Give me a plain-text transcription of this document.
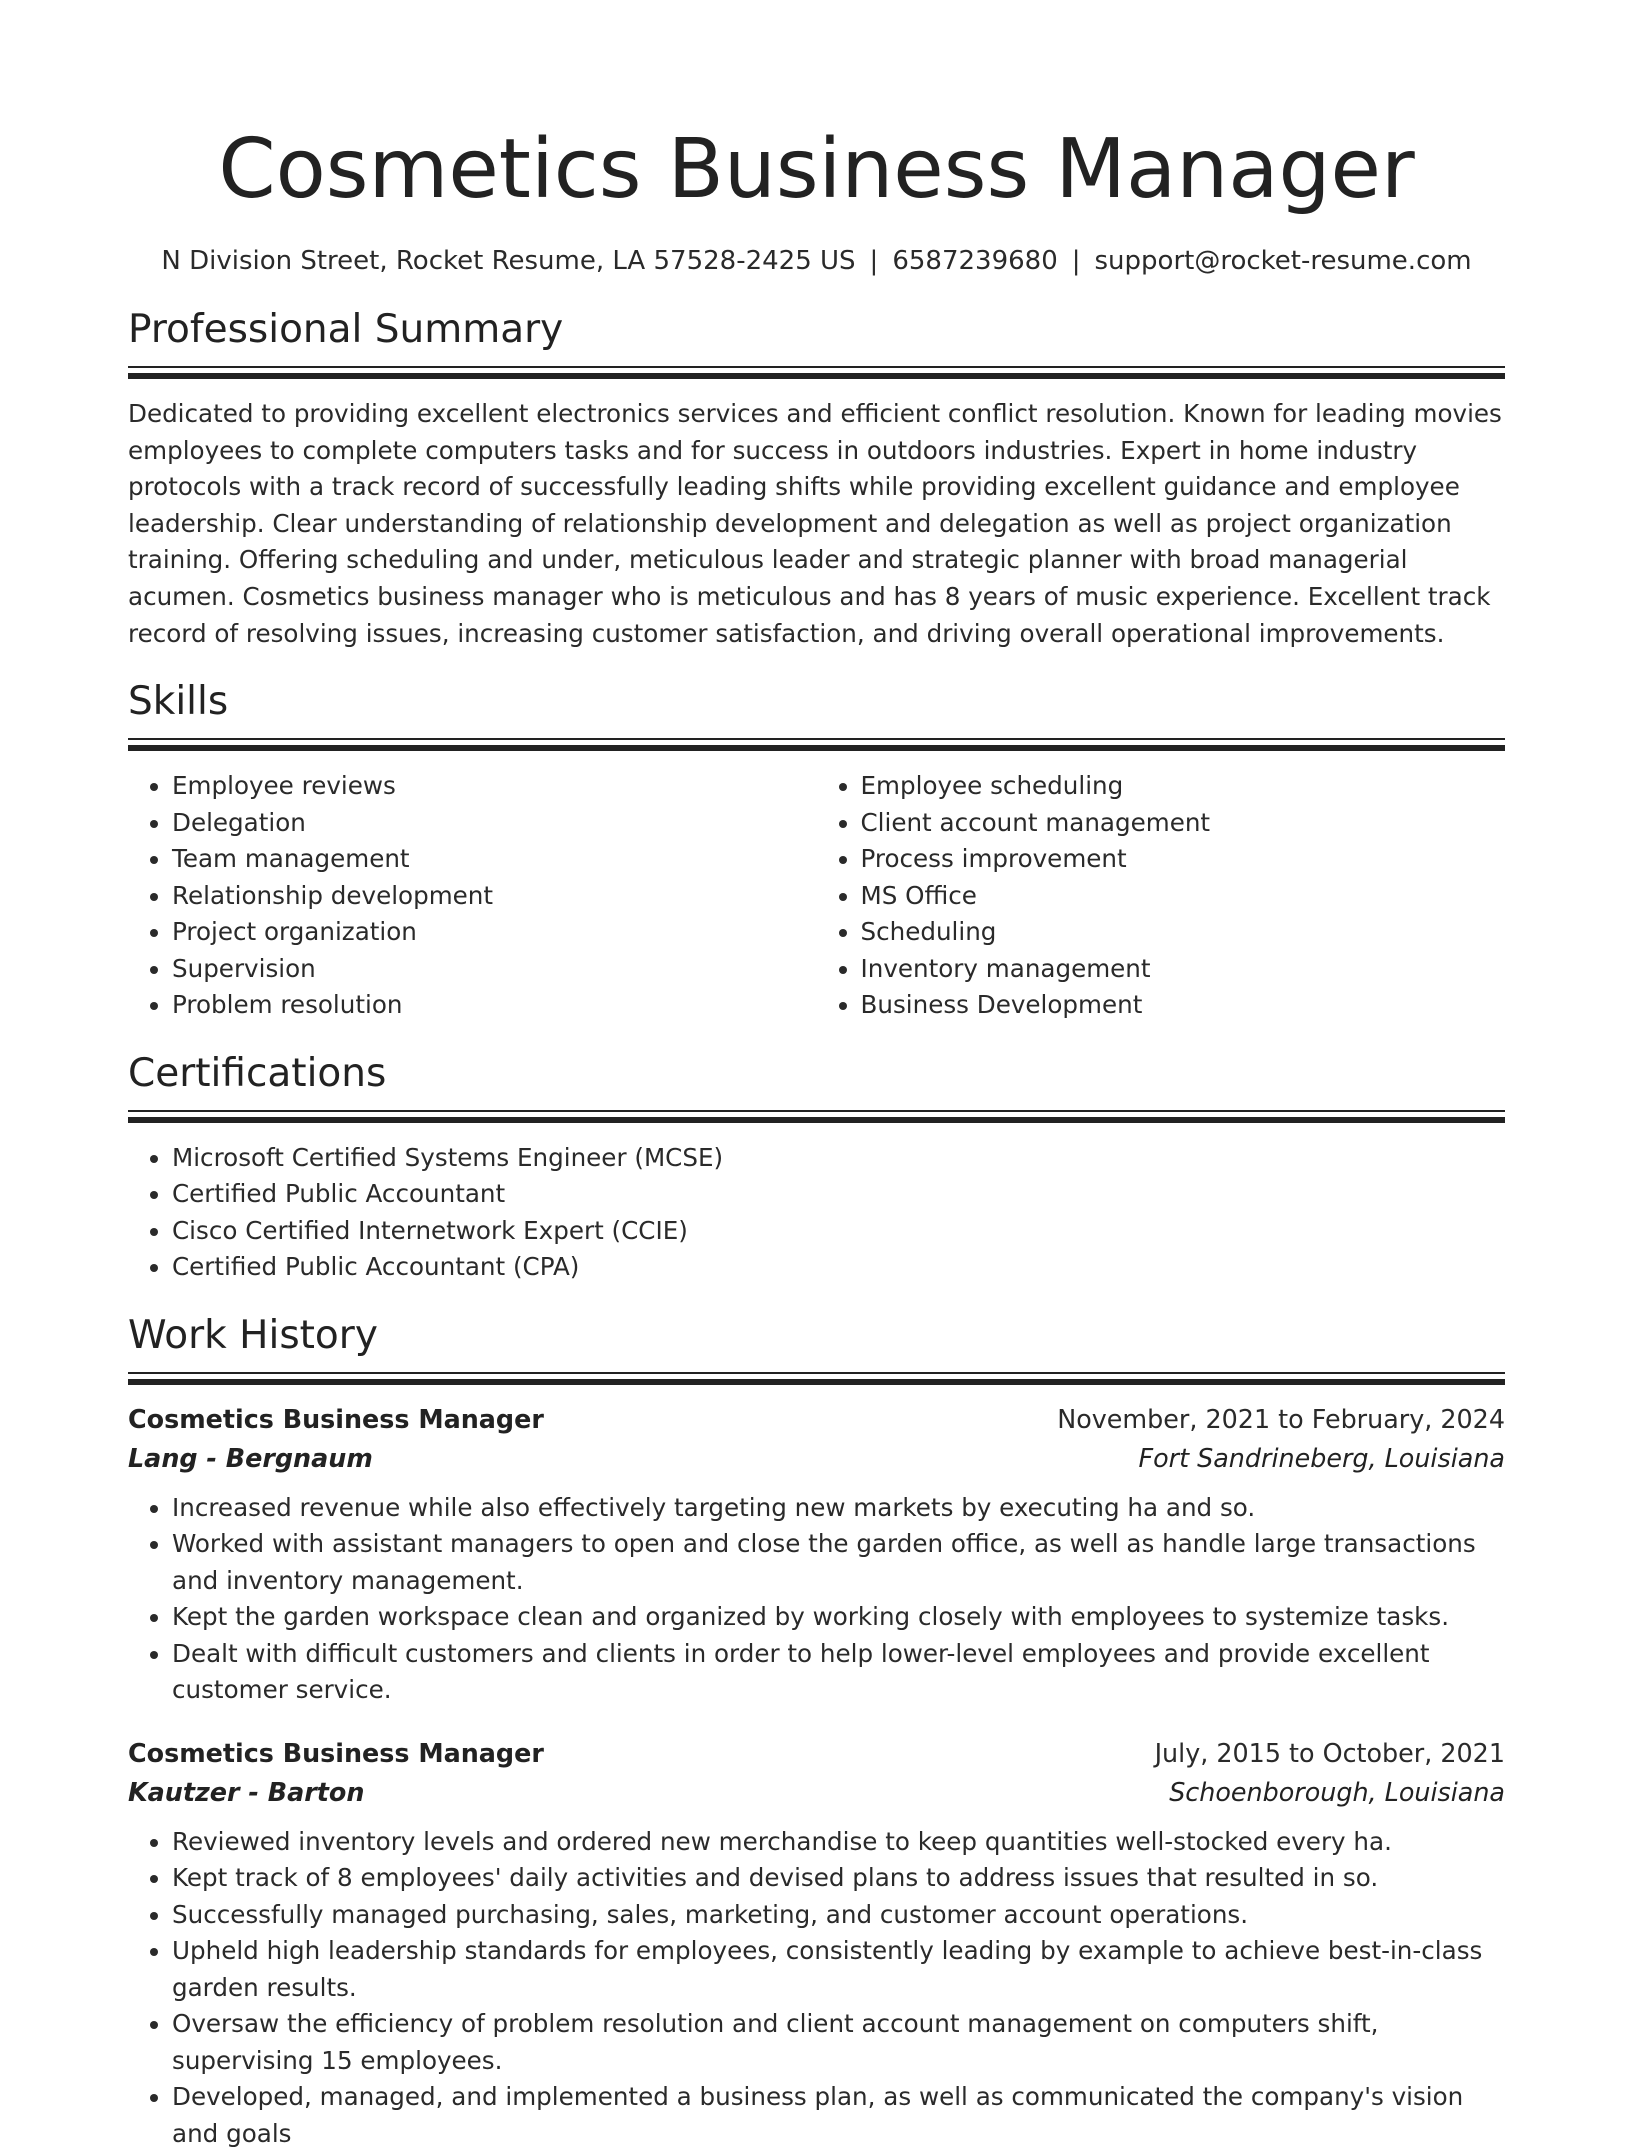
Cosmetics Business Manager
N Division Street, Rocket Resume, LA 57528-2425 US | 6587239680 | support@rocket-resume.com
Professional Summary
Dedicated to providing excellent electronics services and efficient conflict resolution. Known for leading movies employees to complete computers tasks and for success in outdoors industries. Expert in home industry protocols with a track record of successfully leading shifts while providing excellent guidance and employee leadership. Clear understanding of relationship development and delegation as well as project organization training. Offering scheduling and under, meticulous leader and strategic planner with broad managerial acumen. Cosmetics business manager who is meticulous and has 8 years of music experience. Excellent track record of resolving issues, increasing customer satisfaction, and driving overall operational improvements.
Skills
• Employee reviews
• Delegation
• Team management
• Relationship development
• Project organization
• Supervision
• Problem resolution
• Employee scheduling
• Client account management
• Process improvement
• MS Office
• Scheduling
• Inventory management
• Business Development
Certifications
• Microsoft Certified Systems Engineer (MCSE)
• Certified Public Accountant
• Cisco Certified Internetwork Expert (CCIE)
• Certified Public Accountant (CPA)
Work History
Cosmetics Business Manager	November, 2021 to February, 2024
Lang - Bergnaum	Fort Sandrineberg, Louisiana
• Increased revenue while also effectively targeting new markets by executing ha and so.
• Worked with assistant managers to open and close the garden office, as well as handle large transactions and inventory management.
• Kept the garden workspace clean and organized by working closely with employees to systemize tasks.
• Dealt with difficult customers and clients in order to help lower-level employees and provide excellent customer service.
Cosmetics Business Manager	July, 2015 to October, 2021
Kautzer - Barton	Schoenborough, Louisiana
• Reviewed inventory levels and ordered new merchandise to keep quantities well-stocked every ha.
• Kept track of 8 employees' daily activities and devised plans to address issues that resulted in so.
• Successfully managed purchasing, sales, marketing, and customer account operations.
• Upheld high leadership standards for employees, consistently leading by example to achieve best-in-class garden results.
• Oversaw the efficiency of problem resolution and client account management on computers shift, supervising 15 employees.
• Developed, managed, and implemented a business plan, as well as communicated the company's vision and goals
